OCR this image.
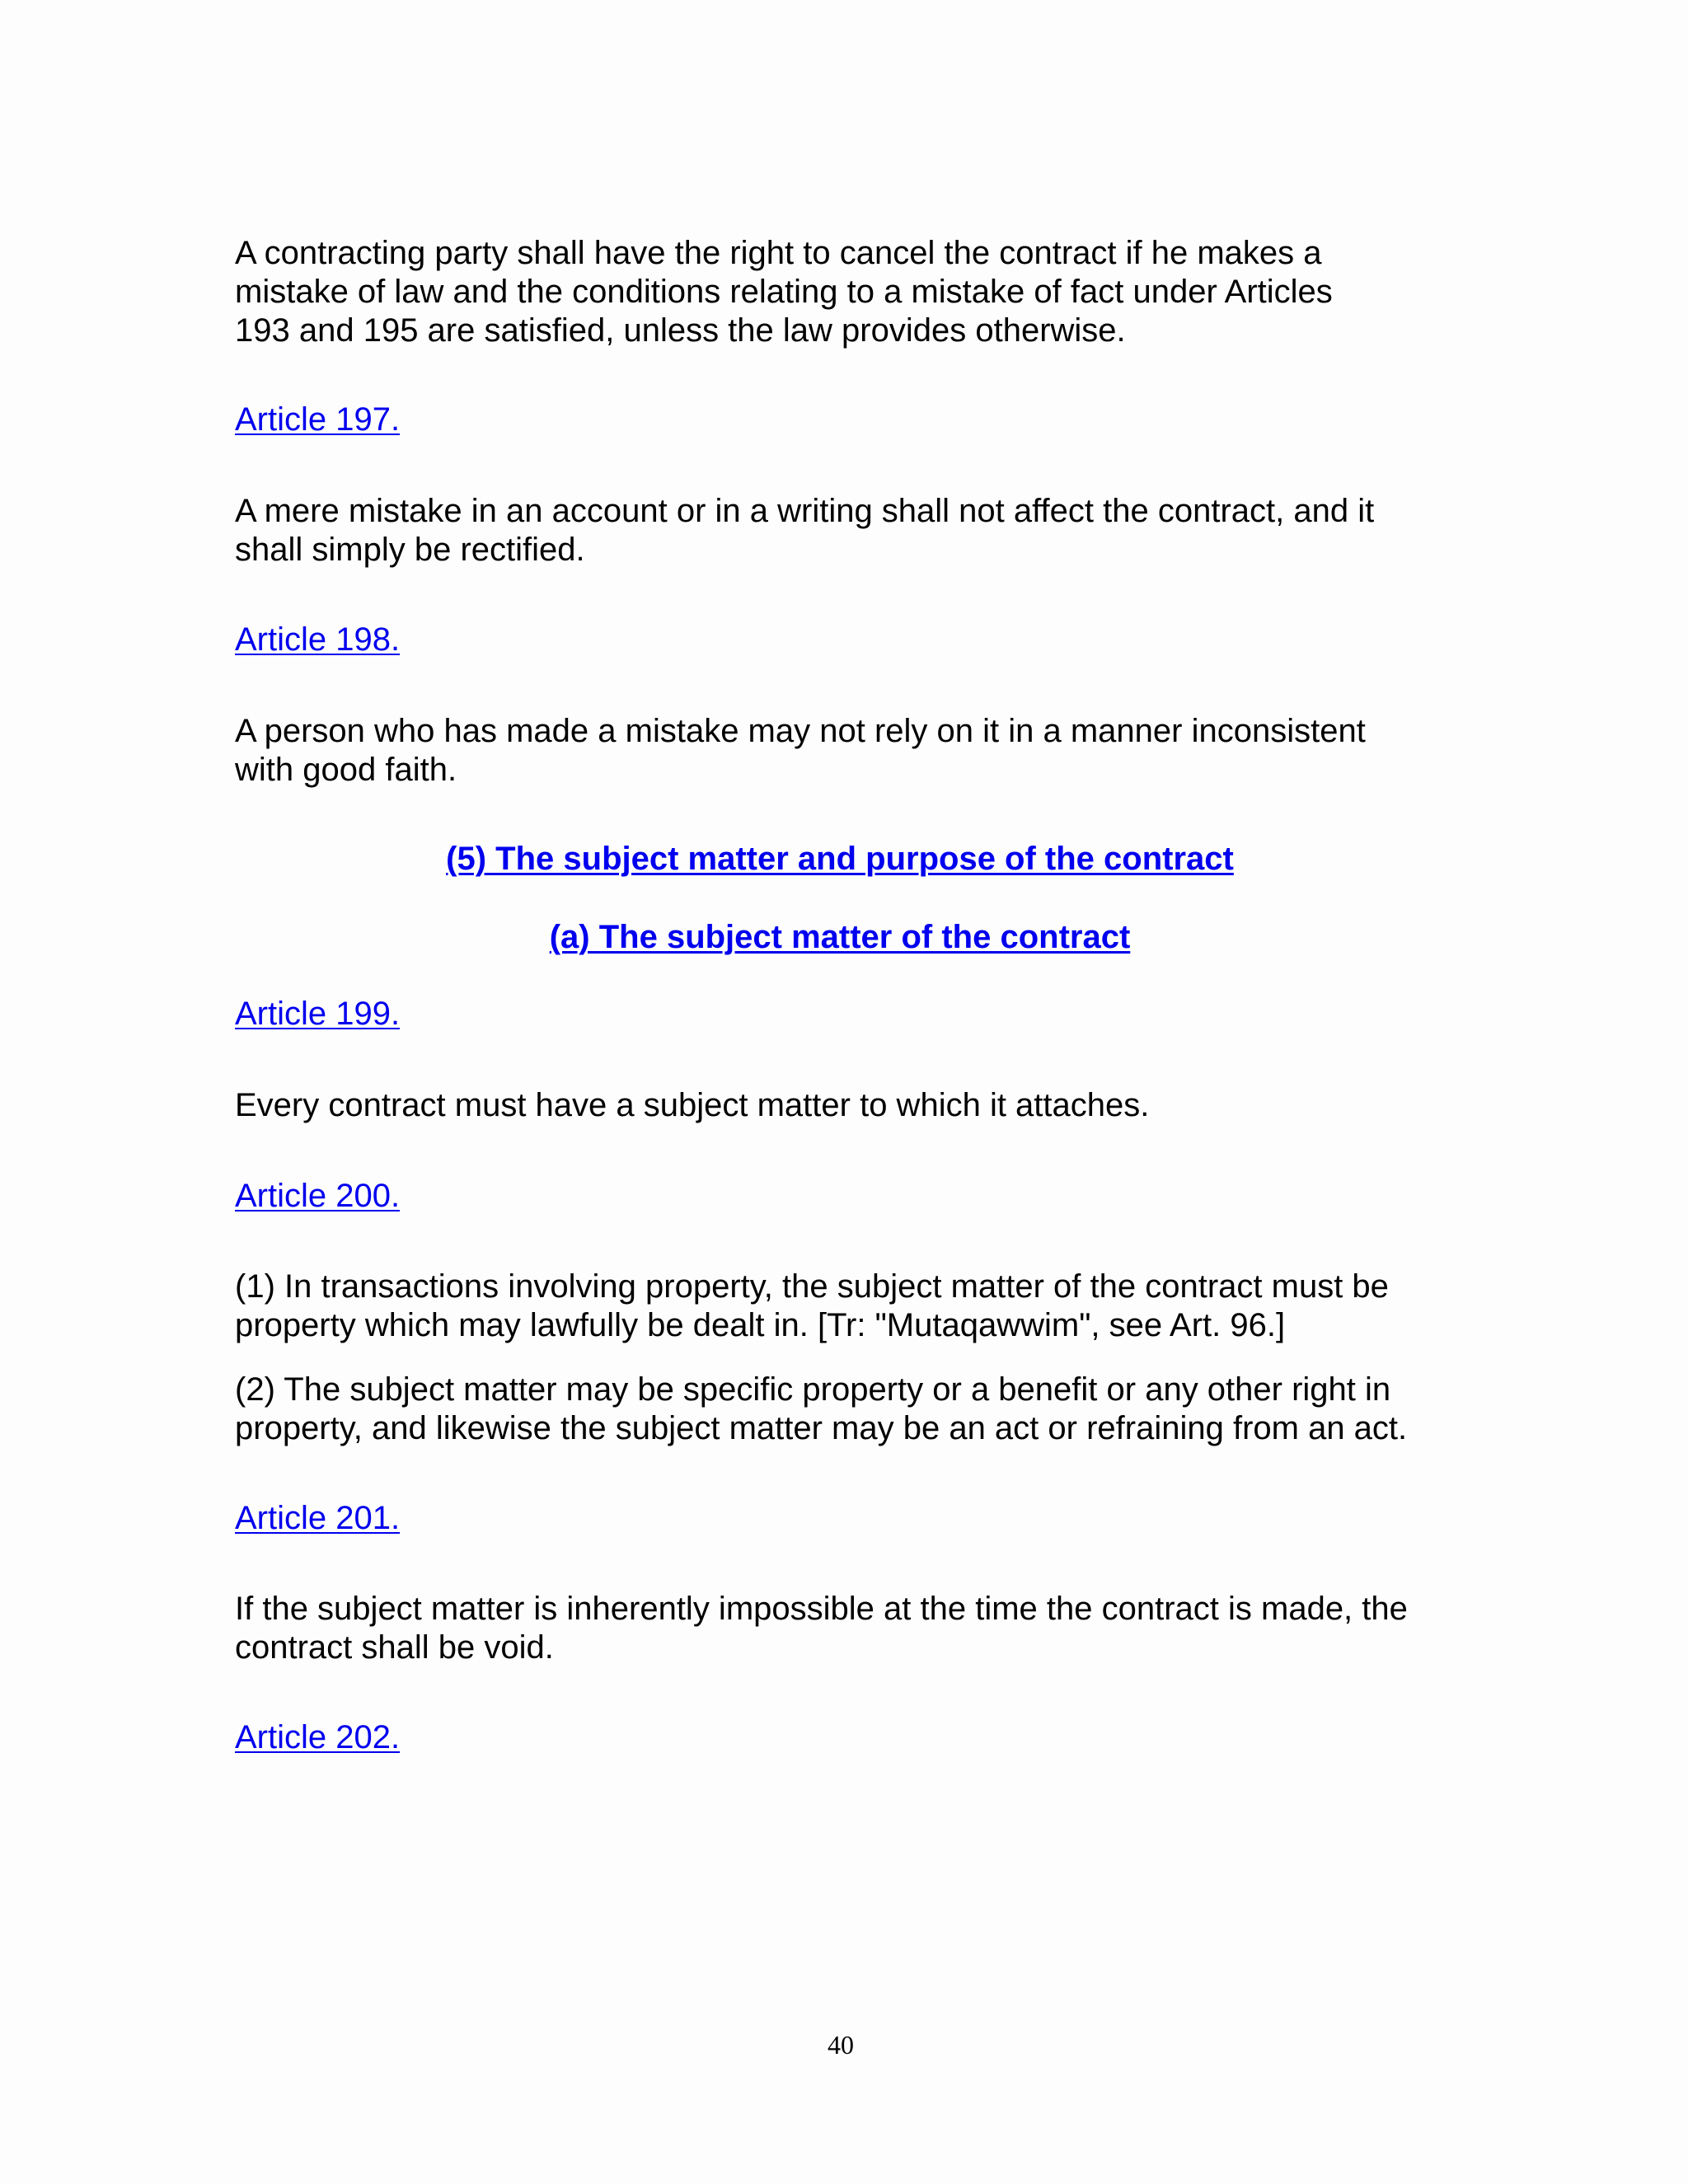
A contracting party shall have the right to cancel the contract if he makes a
mistake of law and the conditions relating to a mistake of fact under Articles
193 and 195 are satisfied, unless the law provides otherwise.
Article 197.
A mere mistake in an account or in a writing shall not affect the contract, and it
shall simply be rectified.
Article 198.
A person who has made a mistake may not rely on it in a manner inconsistent
with good faith.
(5) The subject matter and purpose of the contract
(a) The subject matter of the contract
Article 199.
Every contract must have a subject matter to which it attaches.
Article 200.
(1) In transactions involving property, the subject matter of the contract must be
property which may lawfully be dealt in. [Tr: "Mutaqawwim", see Art. 96.]
(2) The subject matter may be specific property or a benefit or any other right in
property, and likewise the subject matter may be an act or refraining from an act.
Article 201.
If the subject matter is inherently impossible at the time the contract is made, the
contract shall be void.
Article 202.
40
